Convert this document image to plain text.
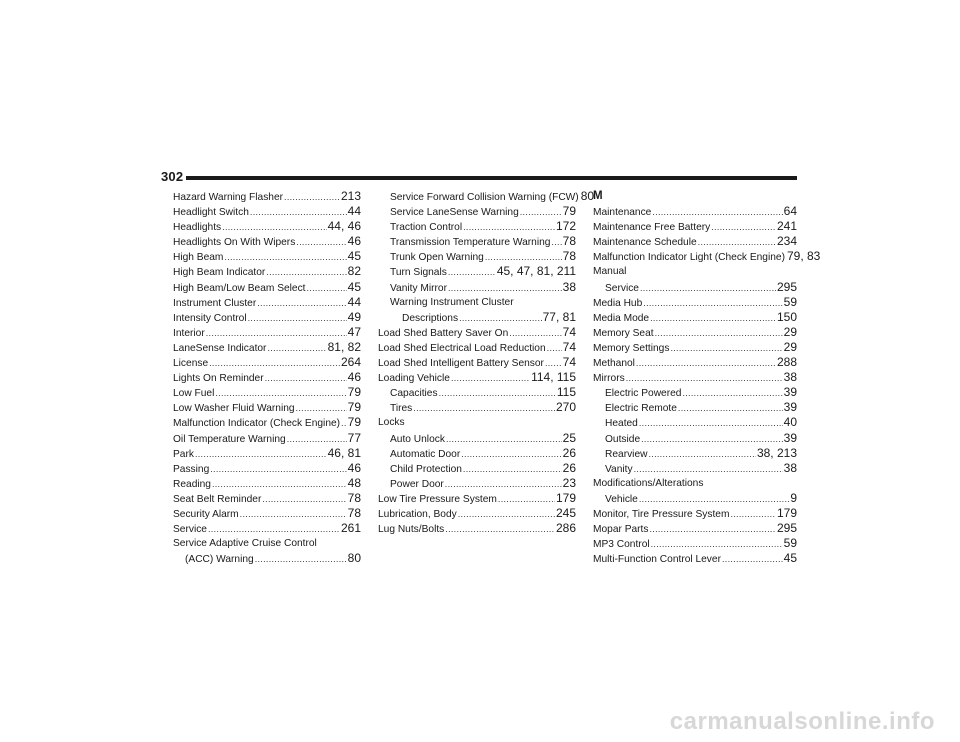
302
Hazard Warning Flasher .....	213
Headlight Switch .....	44
Headlights .....	44, 46
Headlights On With Wipers .....	46
High Beam .....	45
High Beam Indicator .....	82
High Beam/Low Beam Select .....	45
Instrument Cluster .....	44
Intensity Control .....	49
Interior .....	47
LaneSense Indicator .....	81, 82
License .....	264
Lights On Reminder .....	46
Low Fuel .....	79
Low Washer Fluid Warning .....	79
Malfunction Indicator (Check Engine) ..... 79
Oil Temperature Warning .....	77
Park .....	46, 81
Passing .....	46
Reading .....	48
Seat Belt Reminder .....	78
Security Alarm .....	78
Service .....	261
Service Adaptive Cruise Control
(ACC) Warning .....	80
Service Forward Collision Warning (FCW) 80
Service LaneSense Warning .....	79
Traction Control .....	172
Transmission Temperature Warning ..... 78
Trunk Open Warning .....	78
Turn Signals .....	45, 47, 81, 211
Vanity Mirror .....	38
Warning Instrument Cluster
Descriptions .....	77, 81
Load Shed Battery Saver On .....	74
Load Shed Electrical Load Reduction ..... 74
Load Shed Intelligent Battery Sensor ..... 74
Loading Vehicle .....	114, 115
Capacities .....	115
Tires .....	270
Locks
Auto Unlock .....	25
Automatic Door .....	26
Child Protection .....	26
Power Door .....	23
Low Tire Pressure System .....	179
Lubrication, Body .....	245
Lug Nuts/Bolts .....	286
M
Maintenance .....	64
Maintenance Free Battery .....	241
Maintenance Schedule .....	234
Malfunction Indicator Light (Check Engine) 79, 83
Manual
Service .....	295
Media Hub .....	59
Media Mode .....	150
Memory Seat .....	29
Memory Settings .....	29
Methanol .....	288
Mirrors .....	38
Electric Powered .....	39
Electric Remote .....	39
Heated .....	40
Outside .....	39
Rearview .....	38, 213
Vanity .....	38
Modifications/Alterations
Vehicle .....	9
Monitor, Tire Pressure System .....	179
Mopar Parts .....	295
MP3 Control .....	59
Multi-Function Control Lever .....	45
carmanualsonline.info
